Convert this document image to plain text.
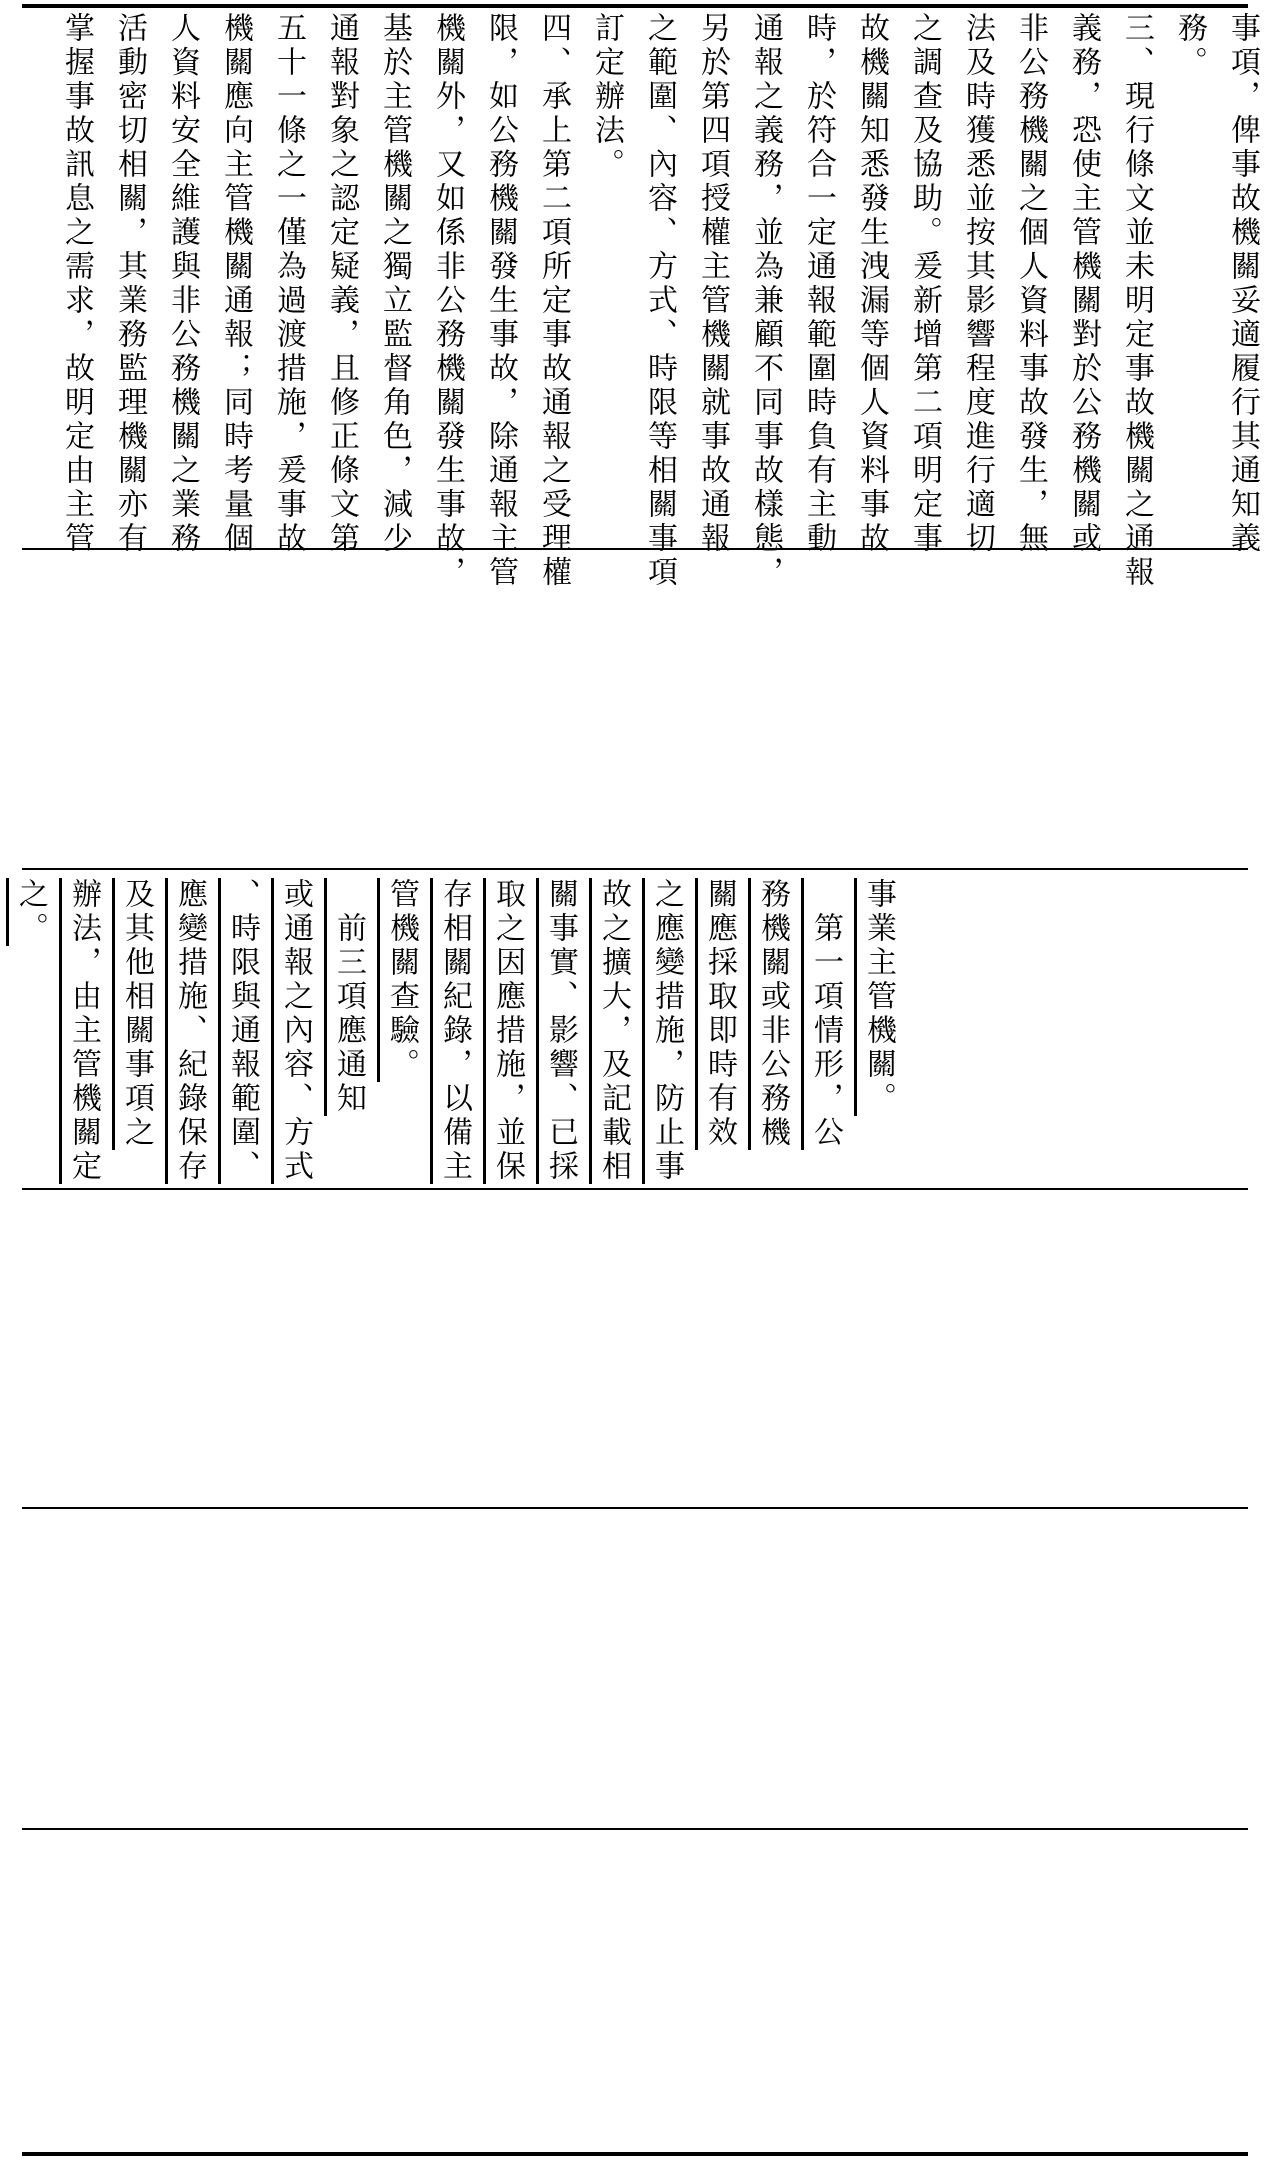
事項，俾事故機關妥適履行其通知義
務。
三、現行條文並未明定事故機關之通報
義務，恐使主管機關對於公務機關或
非公務機關之個人資料事故發生，無
法及時獲悉並按其影響程度進行適切
之調查及協助。爰新增第二項明定事
故機關知悉發生洩漏等個人資料事故
時，於符合一定通報範圍時負有主動
通報之義務，並為兼顧不同事故樣態，
另於第四項授權主管機關就事故通報
之範圍、內容、方式、時限等相關事項
訂定辦法。
四、承上第二項所定事故通報之受理權
限，如公務機關發生事故，除通報主管
機關外，又如係非公務機關發生事故，
基於主管機關之獨立監督角色，減少
通報對象之認定疑義，且修正條文第
五十一條之一僅為過渡措施，爰事故
機關應向主管機關通報；同時考量個
人資料安全維護與非公務機關之業務
活動密切相關，其業務監理機關亦有
掌握事故訊息之需求，故明定由主管
事業主管機關。
　第一項情形，公
務機關或非公務機
關應採取即時有效
之應變措施，防止事
故之擴大，及記載相
關事實、影響、已採
取之因應措施，並保
存相關紀錄，以備主
管機關查驗。
　前三項應通知
或通報之內容、方式
、時限與通報範圍、
應變措施、紀錄保存
及其他相關事項之
辦法，由主管機關定
之。
